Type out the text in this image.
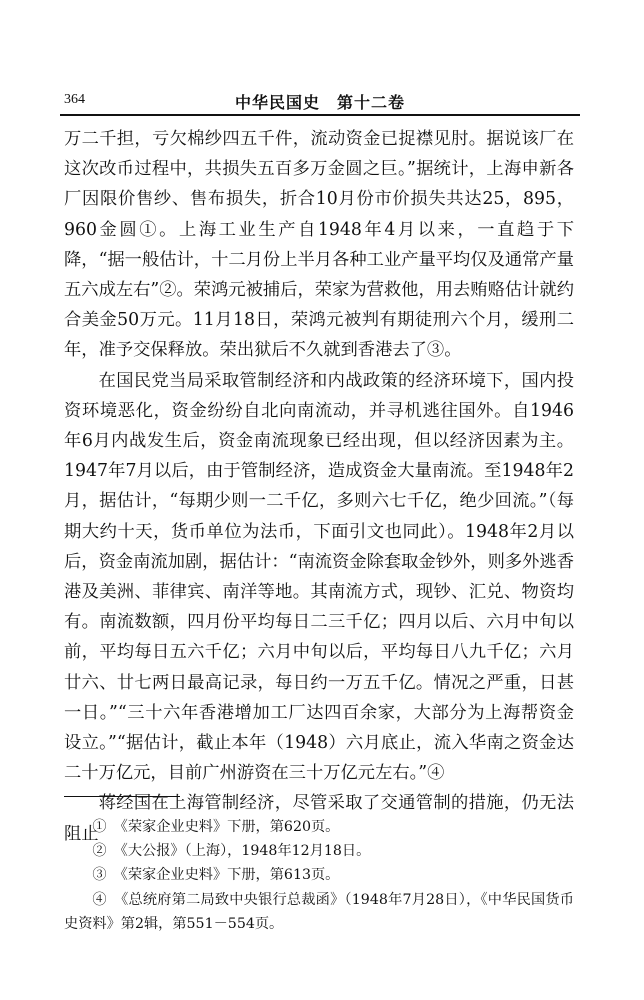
364	中华民国史　第十二卷

万二千担，亏欠棉纱四五千件，流动资金已捉襟见肘。据说该厂在这次改币过程中，共损失五百多万金圆之巨。”据统计，上海申新各厂因限价售纱、售布损失，折合10月份市价损失共达25，895，960金圆①。上海工业生产自1948年4月以来，一直趋于下降，“据一般估计，十二月份上半月各种工业产量平均仅及通常产量五六成左右”②。荣鸿元被捕后，荣家为营救他，用去贿赂估计就约合美金50万元。11月18日，荣鸿元被判有期徒刑六个月，缓刑二年，准予交保释放。荣出狱后不久就到香港去了③。

在国民党当局采取管制经济和内战政策的经济环境下，国内投资环境恶化，资金纷纷自北向南流动，并寻机逃往国外。自1946年6月内战发生后，资金南流现象已经出现，但以经济因素为主。1947年7月以后，由于管制经济，造成资金大量南流。至1948年2月，据估计，“每期少则一二千亿，多则六七千亿，绝少回流。”（每期大约十天，货币单位为法币，下面引文也同此）。1948年2月以后，资金南流加剧，据估计：“南流资金除套取金钞外，则多外逃香港及美洲、菲律宾、南洋等地。其南流方式，现钞、汇兑、物资均有。南流数额，四月份平均每日二三千亿；四月以后、六月中旬以前，平均每日五六千亿；六月中旬以后，平均每日八九千亿；六月廿六、廿七两日最高记录，每日约一万五千亿。情况之严重，日甚一日。”“三十六年香港增加工厂达四百余家，大部分为上海帮资金设立。”“据估计，截止本年（1948）六月底止，流入华南之资金达二十万亿元，目前广州游资在三十万亿元左右。”④

蒋经国在上海管制经济，尽管采取了交通管制的措施，仍无法阻止

①　《荣家企业史料》下册，第620页。

②　《大公报》（上海），1948年12月18日。

③　《荣家企业史料》下册，第613页。

④　《总统府第二局致中央银行总裁函》（1948年7月28日），《中华民国货币史资料》第2辑，第551－554页。
